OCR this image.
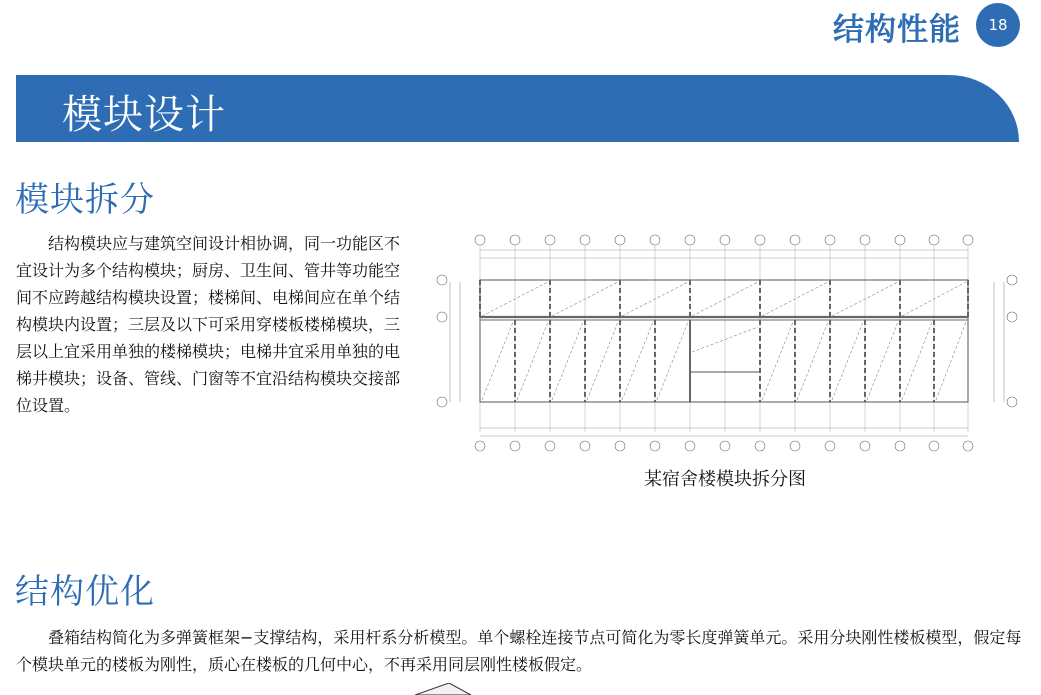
结构性能	18
模块设计
模块拆分

结构模块应与建筑空间设计相协调，同一功能区不宜设计为多个结构模块；厨房、卫生间、管井等功能空间不应跨越结构模块设置；楼梯间、电梯间应在单个结构模块内设置；三层及以下可采用穿楼板楼梯模块，三层以上宜采用单独的楼梯模块；电梯井宜采用单独的电梯井模块；设备、管线、门窗等不宜沿结构模块交接部位设置。

某宿舍楼模块拆分图
结构优化

叠箱结构简化为多弹簧框架−支撑结构，采用杆系分析模型。单个螺栓连接节点可简化为零长度弹簧单元。采用分块刚性楼板模型，假定每个模块单元的楼板为刚性，质心在楼板的几何中心，不再采用同层刚性楼板假定。
